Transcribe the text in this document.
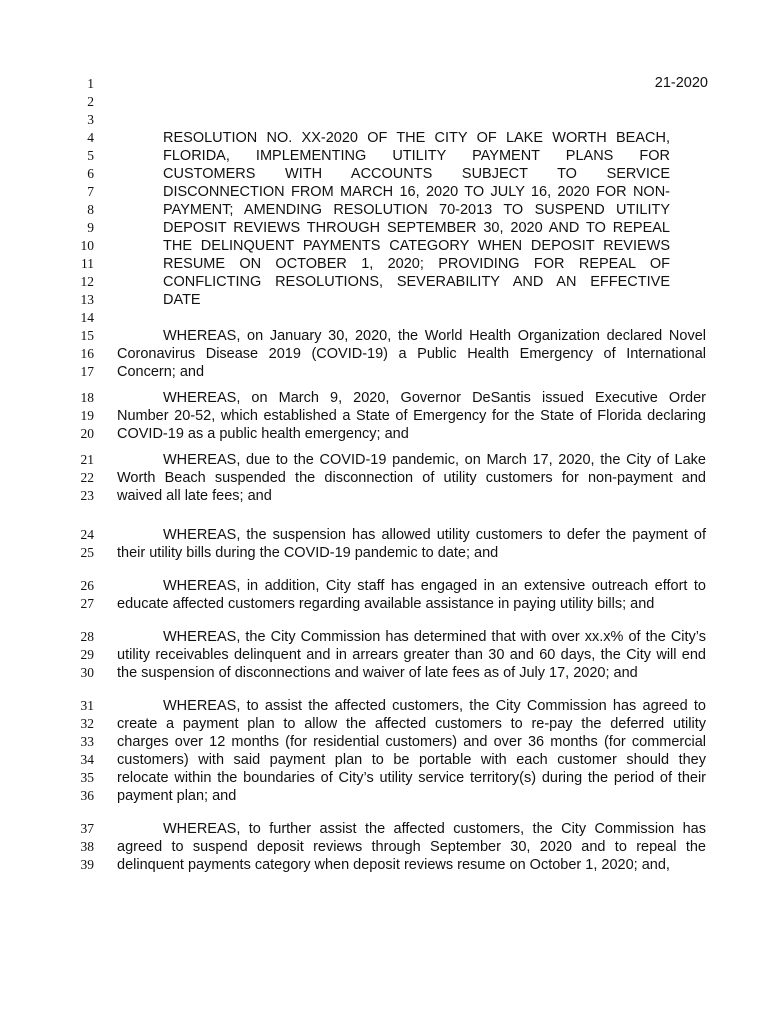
21-2020
1
2
3
4
5
6
7
8
9
10
11
12
13
14
15
16
17
18
19
20
21
22
23
24
25
26
27
28
29
30
31
32
33
34
35
36
37
38
39
RESOLUTION NO. XX-2020 OF THE CITY OF LAKE WORTH BEACH,
FLORIDA, IMPLEMENTING UTILITY PAYMENT PLANS FOR
CUSTOMERS WITH ACCOUNTS SUBJECT TO SERVICE
DISCONNECTION FROM MARCH 16, 2020 TO JULY 16, 2020 FOR NON-
PAYMENT; AMENDING RESOLUTION 70-2013 TO SUSPEND UTILITY
DEPOSIT REVIEWS THROUGH SEPTEMBER 30, 2020 AND TO REPEAL
THE DELINQUENT PAYMENTS CATEGORY WHEN DEPOSIT REVIEWS
RESUME ON OCTOBER 1, 2020; PROVIDING FOR REPEAL OF
CONFLICTING RESOLUTIONS, SEVERABILITY AND AN EFFECTIVE
DATE
WHEREAS, on January 30, 2020, the World Health Organization declared Novel
Coronavirus Disease 2019 (COVID-19) a Public Health Emergency of International
Concern; and
WHEREAS, on March 9, 2020, Governor DeSantis issued Executive Order
Number 20-52, which established a State of Emergency for the State of Florida declaring
COVID-19 as a public health emergency; and
WHEREAS, due to the COVID-19 pandemic, on March 17, 2020, the City of Lake
Worth Beach suspended the disconnection of utility customers for non-payment and
waived all late fees; and
WHEREAS, the suspension has allowed utility customers to defer the payment of
their utility bills during the COVID-19 pandemic to date; and
WHEREAS, in addition, City staff has engaged in an extensive outreach effort to
educate affected customers regarding available assistance in paying utility bills; and
WHEREAS, the City Commission has determined that with over xx.x% of the City’s
utility receivables delinquent and in arrears greater than 30 and 60 days, the City will end
the suspension of disconnections and waiver of late fees as of July 17, 2020; and
WHEREAS, to assist the affected customers, the City Commission has agreed to
create a payment plan to allow the affected customers to re-pay the deferred utility
charges over 12 months (for residential customers) and over 36 months (for commercial
customers) with said payment plan to be portable with each customer should they
relocate within the boundaries of City’s utility service territory(s) during the period of their
payment plan; and
WHEREAS, to further assist the affected customers, the City Commission has
agreed to suspend deposit reviews through September 30, 2020 and to repeal the
delinquent payments category when deposit reviews resume on October 1, 2020; and,
